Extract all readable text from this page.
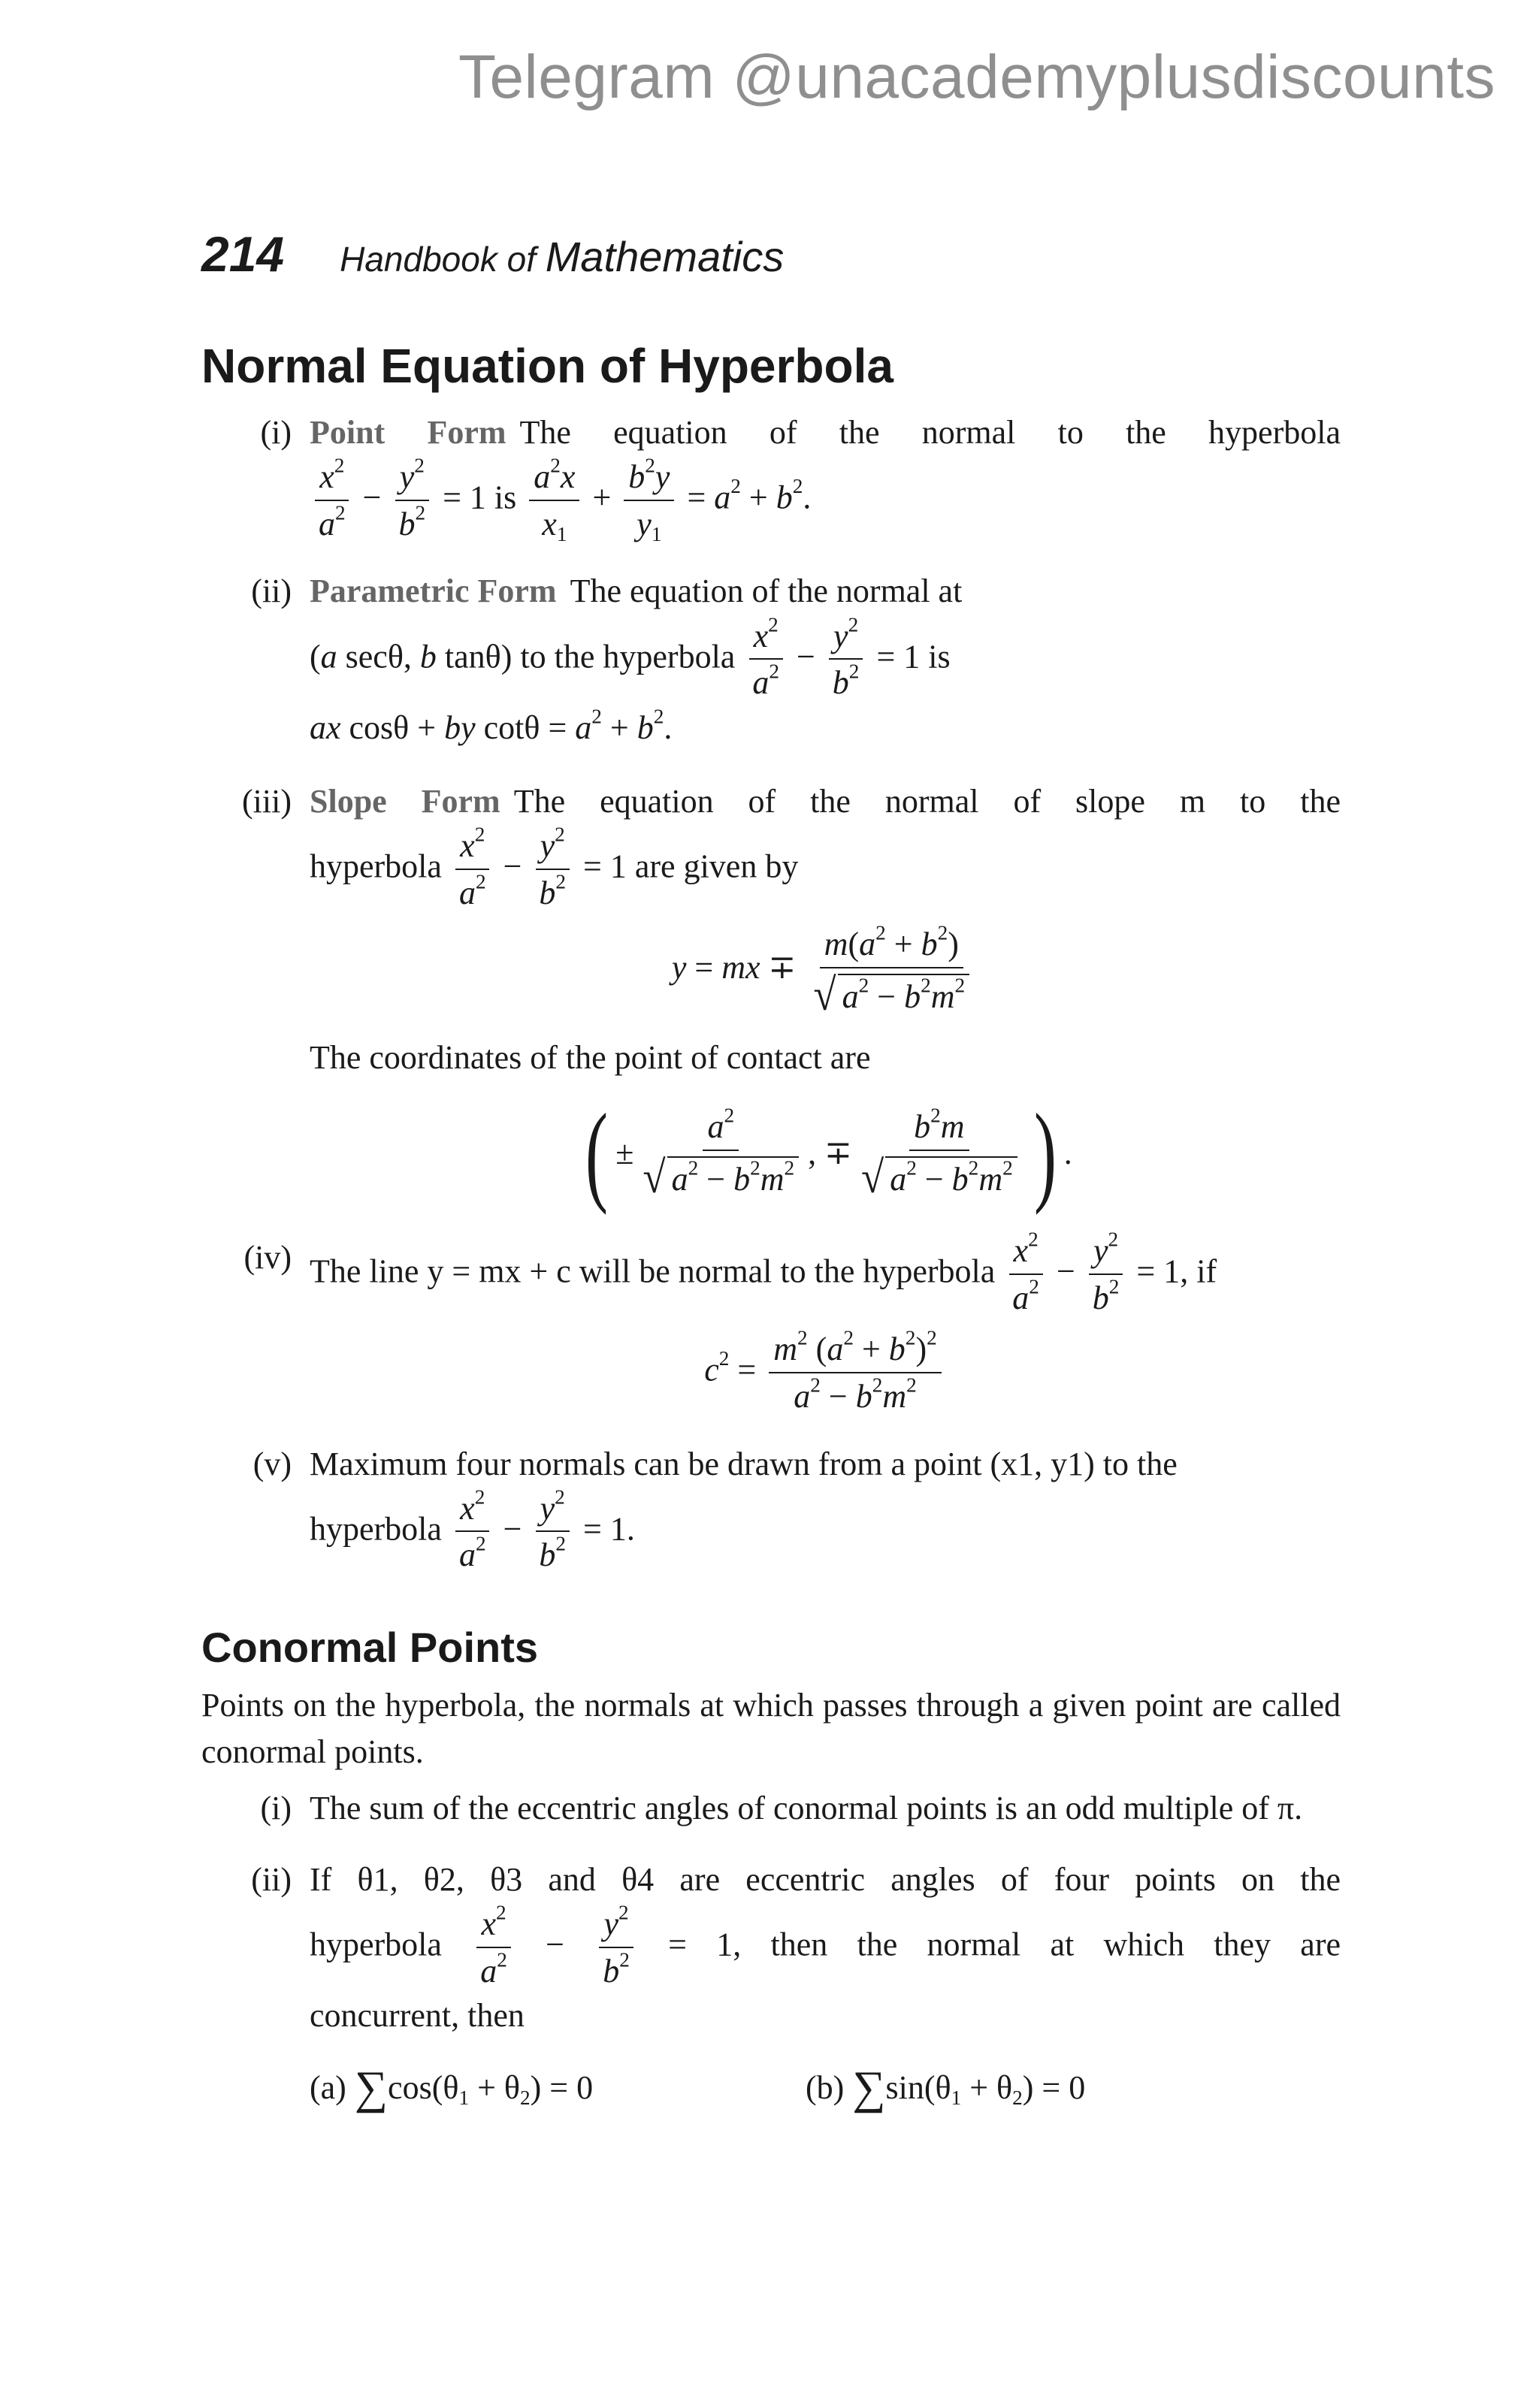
Telegram @unacademyplusdiscounts
214 Handbook of Mathematics
Normal Equation of Hyperbola
(i) Point Form The equation of the normal to the hyperbola

$\frac{x^2}{a^2} - \frac{y^2}{b^2} = 1$ is $\frac{a^2x}{x_1} + \frac{b^2y}{y_1} = a^2 + b^2$.

(ii) Parametric Form The equation of the normal at

(a secθ, b tanθ) to the hyperbola $\frac{x^2}{a^2} - \frac{y^2}{b^2} = 1$ is

ax cosθ + by $\cot\theta = a^2 + b^2$.

(iii) Slope Form The equation of the normal of slope m to the

hyperbola $\frac{x^2}{a^2} - \frac{y^2}{b^2} = 1$ are given by

y = mx ∓ $\frac{m(a^2 + b^2)}{√ a^2 - b^2m^2}$

The coordinates of the point of contact are

( ± $\frac{a^2}{√ a^2 - b^2m^2}$ , ∓ $\frac{b^2m}{√ a^2 - b^2m^2}$ ) .
(iv) The line y = mx + c will be normal to the hyperbola $\frac{x^2}{a^2} - \frac{y^2}{b^2} = 1$, if

$c^2 = \frac{m^2 (a^2 + b^2)^2}{a^2 - b^2m^2}$
(v) Maximum four normals can be drawn from a point (x1, y1) to the

hyperbola $\frac{x^2}{a^2} - \frac{y^2}{b^2} = 1$.

Conormal Points

Points on the hyperbola, the normals at which passes through a given point are called conormal points.

(i) The sum of the eccentric angles of conormal points is an odd multiple of π.

(ii) If θ1, θ2, θ3 and θ4 are eccentric angles of four points on the

hyperbola $\frac{x^2}{a^2} - \frac{y^2}{b^2} = 1$, then the normal at which they are

concurrent, then

(a) $\sum\cos(\theta_1 + \theta_2) = 0$	(b) $\sum\sin(\theta_1 + \theta_2) = 0$
